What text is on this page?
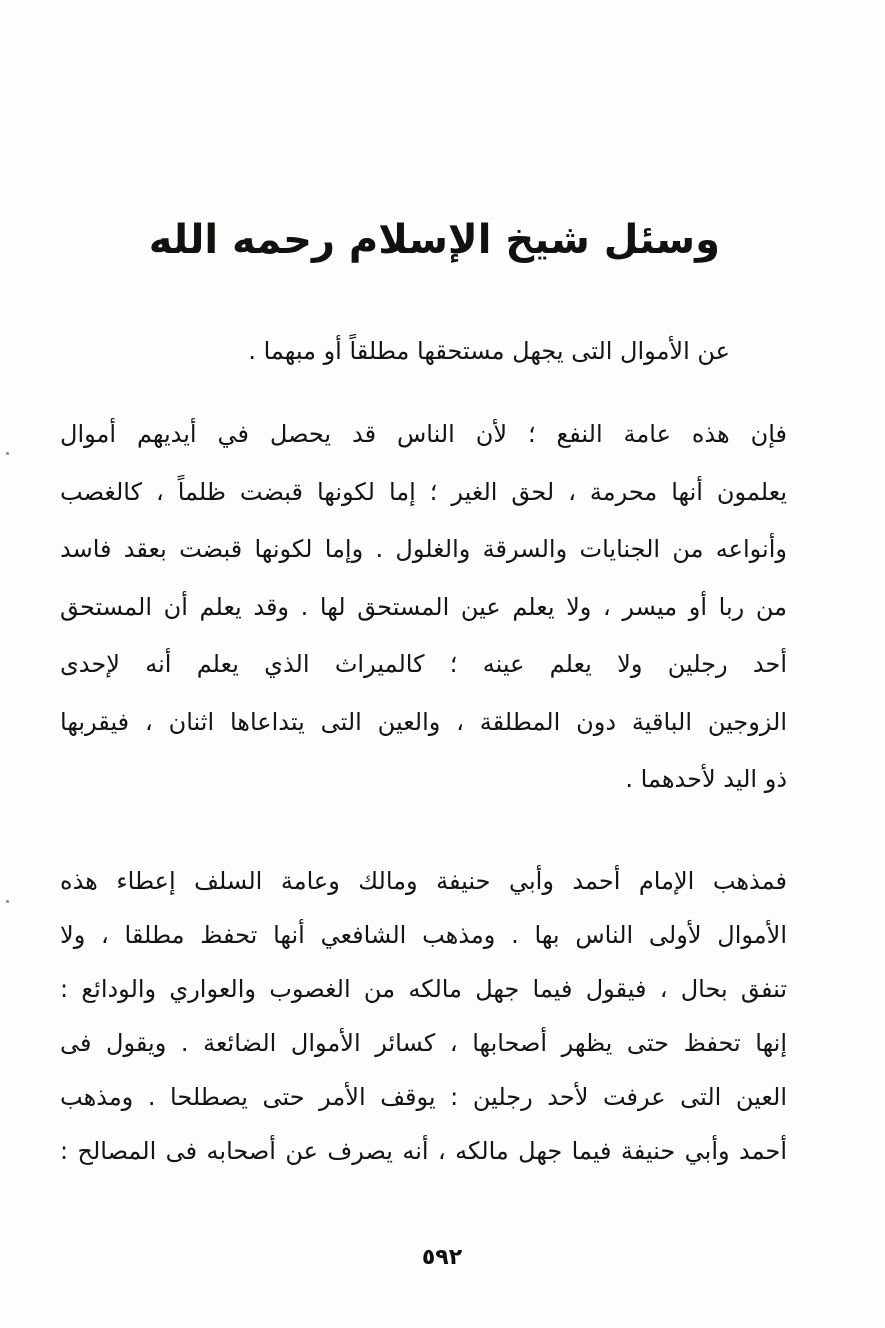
وسئل شيخ الإسلام رحمه الله
عن الأموال التى يجهل مستحقها مطلقاً أو مبهما .
فإن هذه عامة النفع ؛ لأن الناس قد يحصل في أيديهم أموال
يعلمون أنها محرمة ، لحق الغير ؛ إما لكونها قبضت ظلماً ، كالغصب
وأنواعه من الجنايات والسرقة والغلول . وإما لكونها قبضت بعقد فاسد
من ربا أو ميسر ، ولا يعلم عين المستحق لها . وقد يعلم أن المستحق
أحد رجلين ولا يعلم عينه ؛ كالميراث الذي يعلم أنه لإحدى
الزوجين الباقية دون المطلقة ، والعين التى يتداعاها اثنان ، فيقربها
ذو اليد لأحدهما .
فمذهب الإمام أحمد وأبي حنيفة ومالك وعامة السلف إعطاء هذه
الأموال لأولى الناس بها . ومذهب الشافعي أنها تحفظ مطلقا ، ولا
تنفق بحال ، فيقول فيما جهل مالكه من الغصوب والعواري والودائع :
إنها تحفظ حتى يظهر أصحابها ، كسائر الأموال الضائعة . ويقول فى
العين التى عرفت لأحد رجلين : يوقف الأمر حتى يصطلحا . ومذهب
أحمد وأبي حنيفة فيما جهل مالكه ، أنه يصرف عن أصحابه فى المصالح :
٥٩٢
